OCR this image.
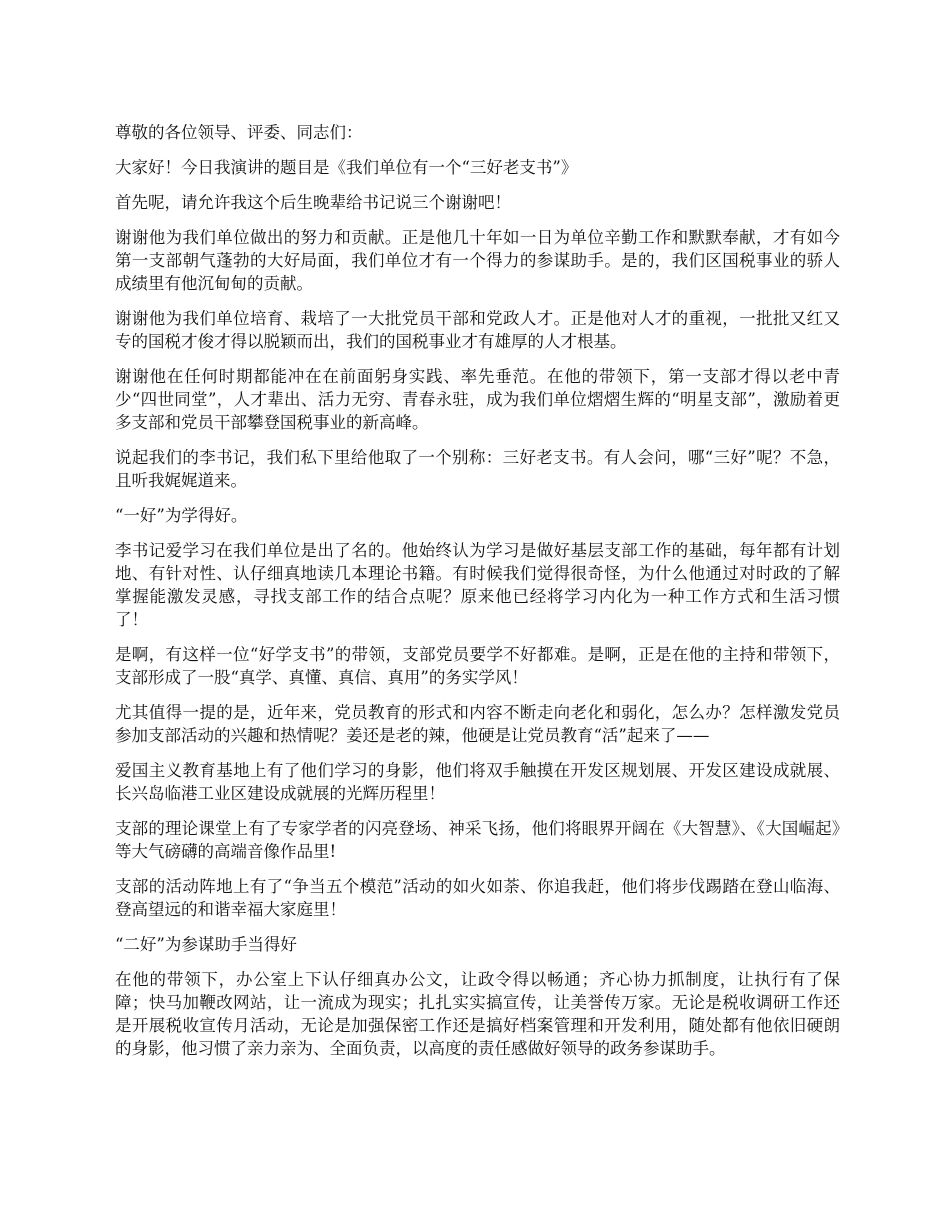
尊敬的各位领导、评委、同志们：

大家好！今日我演讲的题目是《我们单位有一个“三好老支书”》

首先呢，请允许我这个后生晚辈给书记说三个谢谢吧！

谢谢他为我们单位做出的努力和贡献。正是他几十年如一日为单位辛勤工作和默默奉献，才有如今第一支部朝气蓬勃的大好局面，我们单位才有一个得力的参谋助手。是的，我们区国税事业的骄人成绩里有他沉甸甸的贡献。

谢谢他为我们单位培育、栽培了一大批党员干部和党政人才。正是他对人才的重视，一批批又红又专的国税才俊才得以脱颖而出，我们的国税事业才有雄厚的人才根基。

谢谢他在任何时期都能冲在在前面躬身实践、率先垂范。在他的带领下，第一支部才得以老中青少“四世同堂”，人才辈出、活力无穷、青春永驻，成为我们单位熠熠生辉的“明星支部”，激励着更多支部和党员干部攀登国税事业的新高峰。

说起我们的李书记，我们私下里给他取了一个别称：三好老支书。有人会问，哪“三好”呢？不急，且听我娓娓道来。

“一好”为学得好。

李书记爱学习在我们单位是出了名的。他始终认为学习是做好基层支部工作的基础，每年都有计划地、有针对性、认仔细真地读几本理论书籍。有时候我们觉得很奇怪，为什么他通过对时政的了解掌握能激发灵感，寻找支部工作的结合点呢？原来他已经将学习内化为一种工作方式和生活习惯了！

是啊，有这样一位“好学支书”的带领，支部党员要学不好都难。是啊，正是在他的主持和带领下，支部形成了一股“真学、真懂、真信、真用”的务实学风！

尤其值得一提的是，近年来，党员教育的形式和内容不断走向老化和弱化，怎么办？怎样激发党员参加支部活动的兴趣和热情呢？姜还是老的辣，他硬是让党员教育“活”起来了——

爱国主义教育基地上有了他们学习的身影，他们将双手触摸在开发区规划展、开发区建设成就展、长兴岛临港工业区建设成就展的光辉历程里！

支部的理论课堂上有了专家学者的闪亮登场、神采飞扬，他们将眼界开阔在《大智慧》、《大国崛起》等大气磅礴的高端音像作品里!

支部的活动阵地上有了“争当五个模范”活动的如火如荼、你追我赶，他们将步伐踢踏在登山临海、登高望远的和谐幸福大家庭里！

“二好”为参谋助手当得好

在他的带领下，办公室上下认仔细真办公文，让政令得以畅通；齐心协力抓制度，让执行有了保障；快马加鞭改网站，让一流成为现实；扎扎实实搞宣传，让美誉传万家。无论是税收调研工作还是开展税收宣传月活动，无论是加强保密工作还是搞好档案管理和开发利用，随处都有他依旧硬朗的身影，他习惯了亲力亲为、全面负责，以高度的责任感做好领导的政务参谋助手。
